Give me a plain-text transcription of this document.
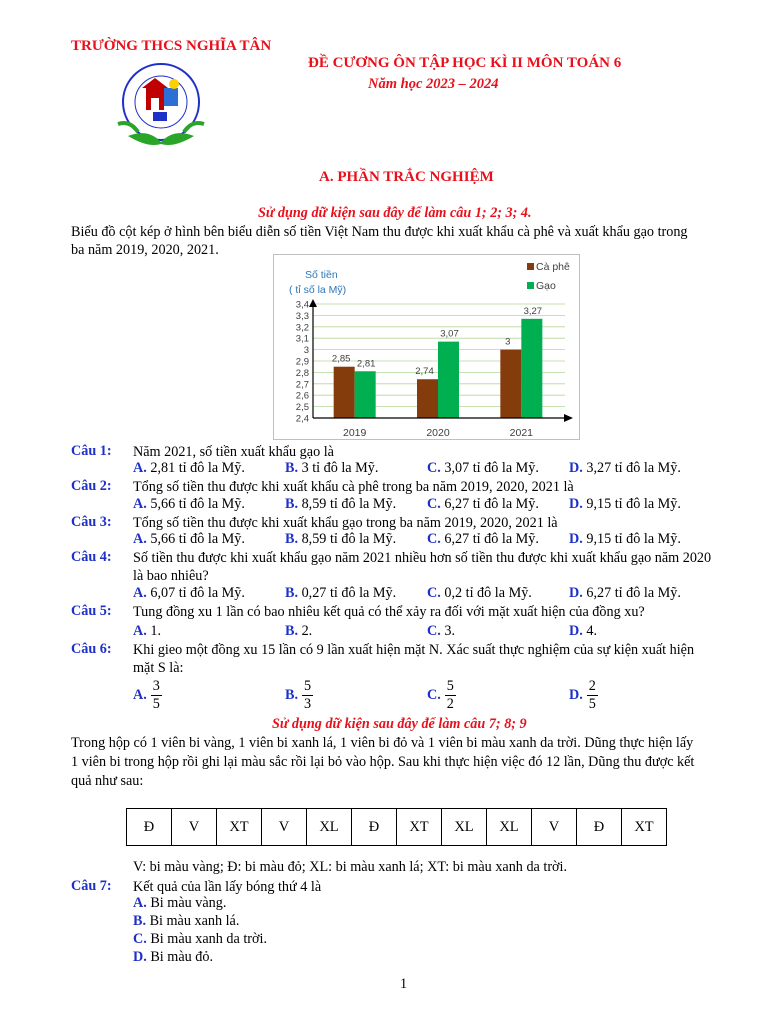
TRƯỜNG THCS NGHĨA TÂN
ĐỀ CƯƠNG ÔN TẬP HỌC KÌ II MÔN TOÁN 6
Năm học 2023 – 2024
A. PHẦN TRẮC NGHIỆM
Sử dụng dữ kiện sau đây để làm câu 1; 2; 3; 4.
Biểu đồ cột kép ở hình bên biểu diễn số tiền Việt Nam thu được khi xuất khẩu cà phê và xuất khẩu gạo trong
ba năm 2019, 2020, 2021.
2,85 2,81
2,74
3,07
3
3,27
2,4
2,5
2,6
2,7
2,8
2,9
3
3,1
3,2
3,3
3,4
2019	2020	2021
Số tiền
( tỉ số la Mỹ)
Cà phê
Gạo
Câu 1: Năm 2021, số tiền xuất khẩu gạo là
A. 2,81 tỉ đô la Mỹ.	B. 3 tỉ đô la Mỹ.	C. 3,07 tỉ đô la Mỹ. D. 3,27 tỉ đô la Mỹ.
Câu 2: Tổng số tiền thu được khi xuất khẩu cà phê trong ba năm 2019, 2020, 2021 là
A. 5,66 tỉ đô la Mỹ.	B. 8,59 tỉ đô la Mỹ. C. 6,27 tỉ đô la Mỹ. D. 9,15 tỉ đô la Mỹ.
Câu 3: Tổng số tiền thu được khi xuất khẩu gạo trong ba năm 2019, 2020, 2021 là
A. 5,66 tỉ đô la Mỹ.	B. 8,59 tỉ đô la Mỹ. C. 6,27 tỉ đô la Mỹ. D. 9,15 tỉ đô la Mỹ.
Câu 4: Số tiền thu được khi xuất khẩu gạo năm 2021 nhiều hơn số tiền thu được khi xuất khẩu gạo năm 2020
là bao nhiêu?
A. 6,07 tỉ đô la Mỹ.	B. 0,27 tỉ đô la Mỹ. C. 0,2 tỉ đô la Mỹ.	D. 6,27 tỉ đô la Mỹ.
Câu 5: Tung đồng xu 1 lần có bao nhiêu kết quả có thể xảy ra đối với mặt xuất hiện của đồng xu?
A. 1.	B. 2.	C. 3.	D. 4.
Câu 6: Khi gieo một đồng xu 15 lần có 9 lần xuất hiện mặt N. Xác suất thực nghiệm của sự kiện xuất hiện
mặt S là:
A. $\frac{3}{5}$	B. $\frac{5}{3}$	C. $\frac{5}{2}$	D. $\frac{2}{5}$
Sử dụng dữ kiện sau đây để làm câu 7; 8; 9
Trong hộp có 1 viên bi vàng, 1 viên bi xanh lá, 1 viên bi đỏ và 1 viên bi màu xanh da trời. Dũng thực hiện lấy
1 viên bi trong hộp rồi ghi lại màu sắc rồi lại bỏ vào hộp. Sau khi thực hiện việc đó 12 lần, Dũng thu được kết
quả như sau:
Đ	V	XT	V	XL	Đ	XT	XL	XL	V	Đ	XT
V: bi màu vàng; Đ: bi màu đỏ; XL: bi màu xanh lá; XT: bi màu xanh da trời.
Câu 7: Kết quả của lần lấy bóng thứ 4 là
A. Bi màu vàng.
B. Bi màu xanh lá.
C. Bi màu xanh da trời.
D. Bi màu đỏ.
1
